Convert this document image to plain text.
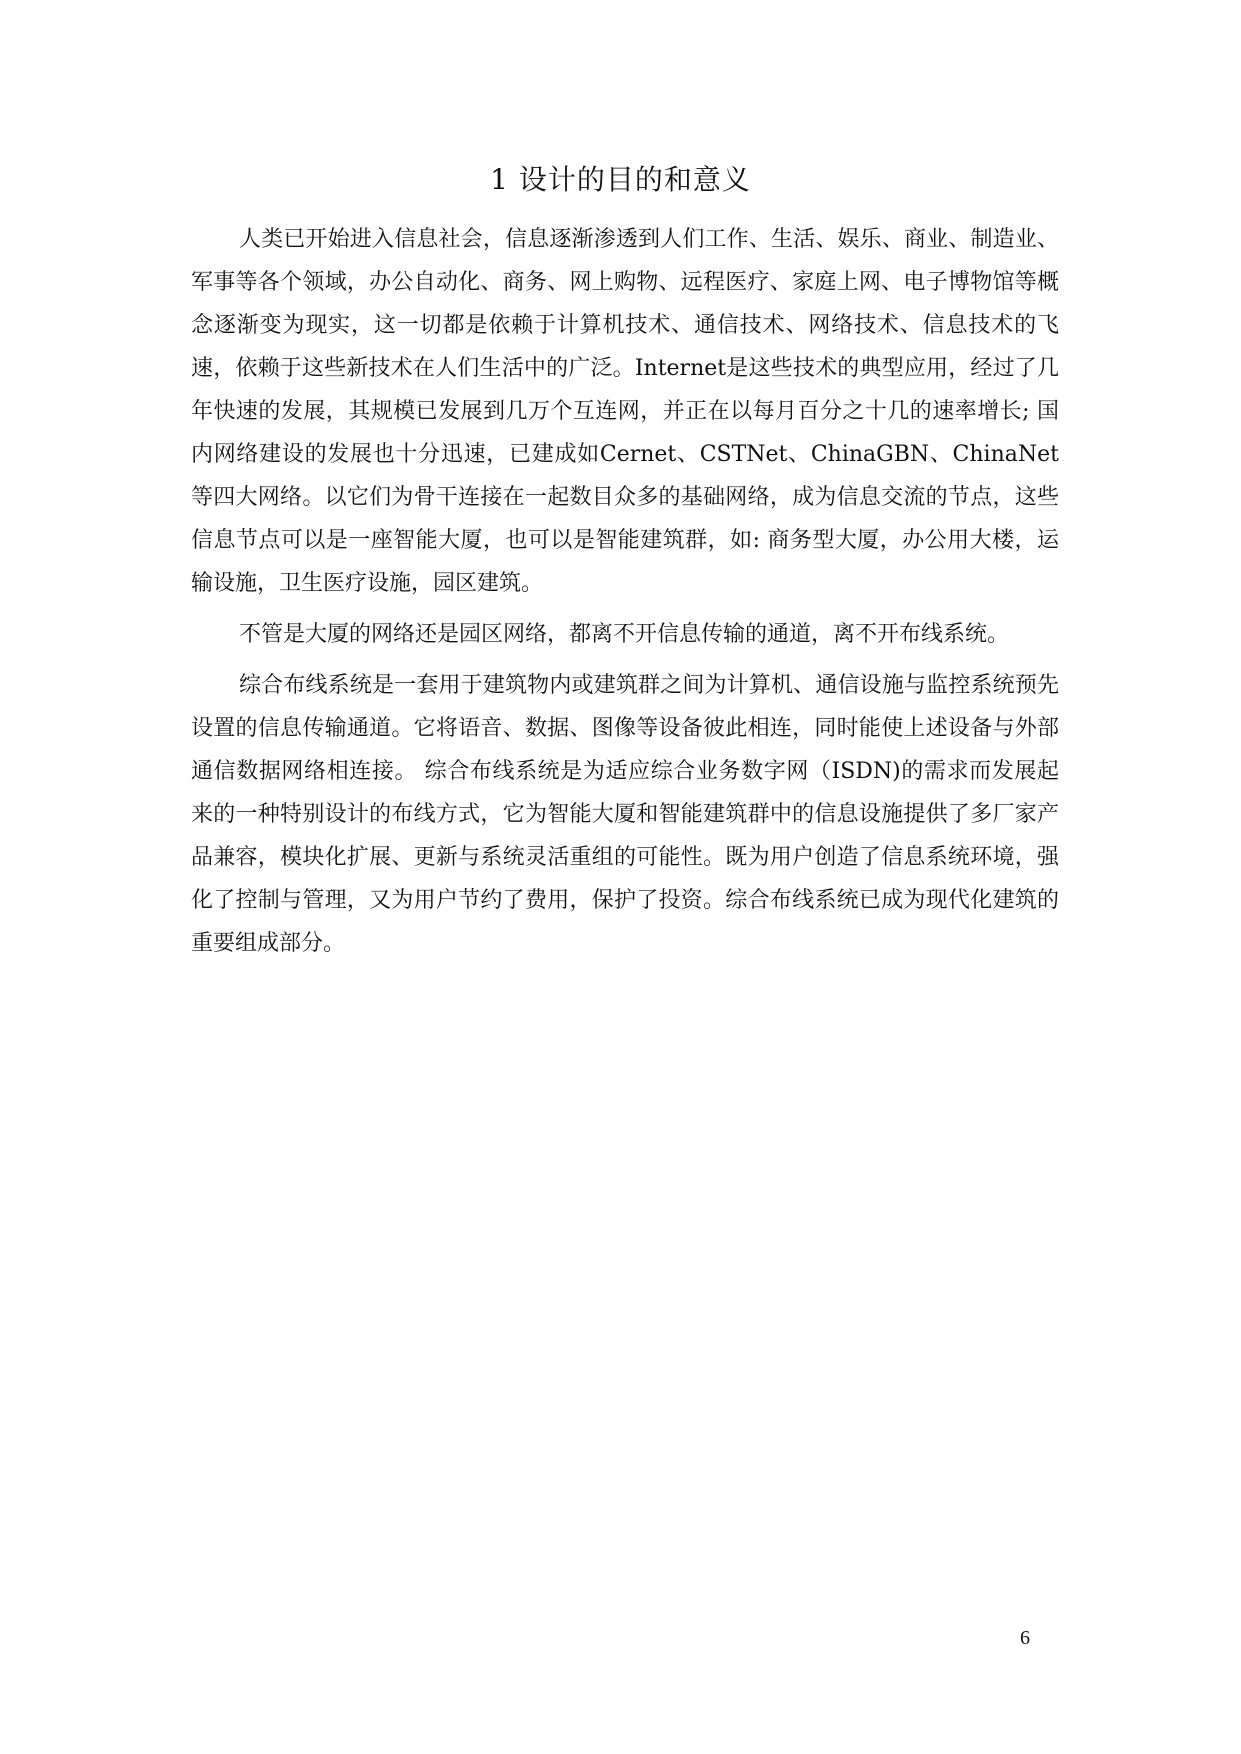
1 设计的目的和意义

人类已开始进入信息社会，信息逐渐渗透到人们工作、生活、娱乐、商业、制造业、军事等各个领域，办公自动化、商务、网上购物、远程医疗、家庭上网、电子博物馆等概念逐渐变为现实，这一切都是依赖于计算机技术、通信技术、网络技术、信息技术的飞速，依赖于这些新技术在人们生活中的广泛。Internet是这些技术的典型应用，经过了几年快速的发展，其规模已发展到几万个互连网，并正在以每月百分之十几的速率增长; 国内网络建设的发展也十分迅速，已建成如Cernet、CSTNet、ChinaGBN、ChinaNet等四大网络。以它们为骨干连接在一起数目众多的基础网络，成为信息交流的节点，这些信息节点可以是一座智能大厦，也可以是智能建筑群，如: 商务型大厦，办公用大楼，运输设施，卫生医疗设施，园区建筑。

不管是大厦的网络还是园区网络，都离不开信息传输的通道，离不开布线系统。

综合布线系统是一套用于建筑物内或建筑群之间为计算机、通信设施与监控系统预先设置的信息传输通道。它将语音、数据、图像等设备彼此相连，同时能使上述设备与外部通信数据网络相连接。 综合布线系统是为适应综合业务数字网（ISDN)的需求而发展起来的一种特别设计的布线方式，它为智能大厦和智能建筑群中的信息设施提供了多厂家产品兼容，模块化扩展、更新与系统灵活重组的可能性。既为用户创造了信息系统环境，强化了控制与管理，又为用户节约了费用，保护了投资。综合布线系统已成为现代化建筑的重要组成部分。

6
